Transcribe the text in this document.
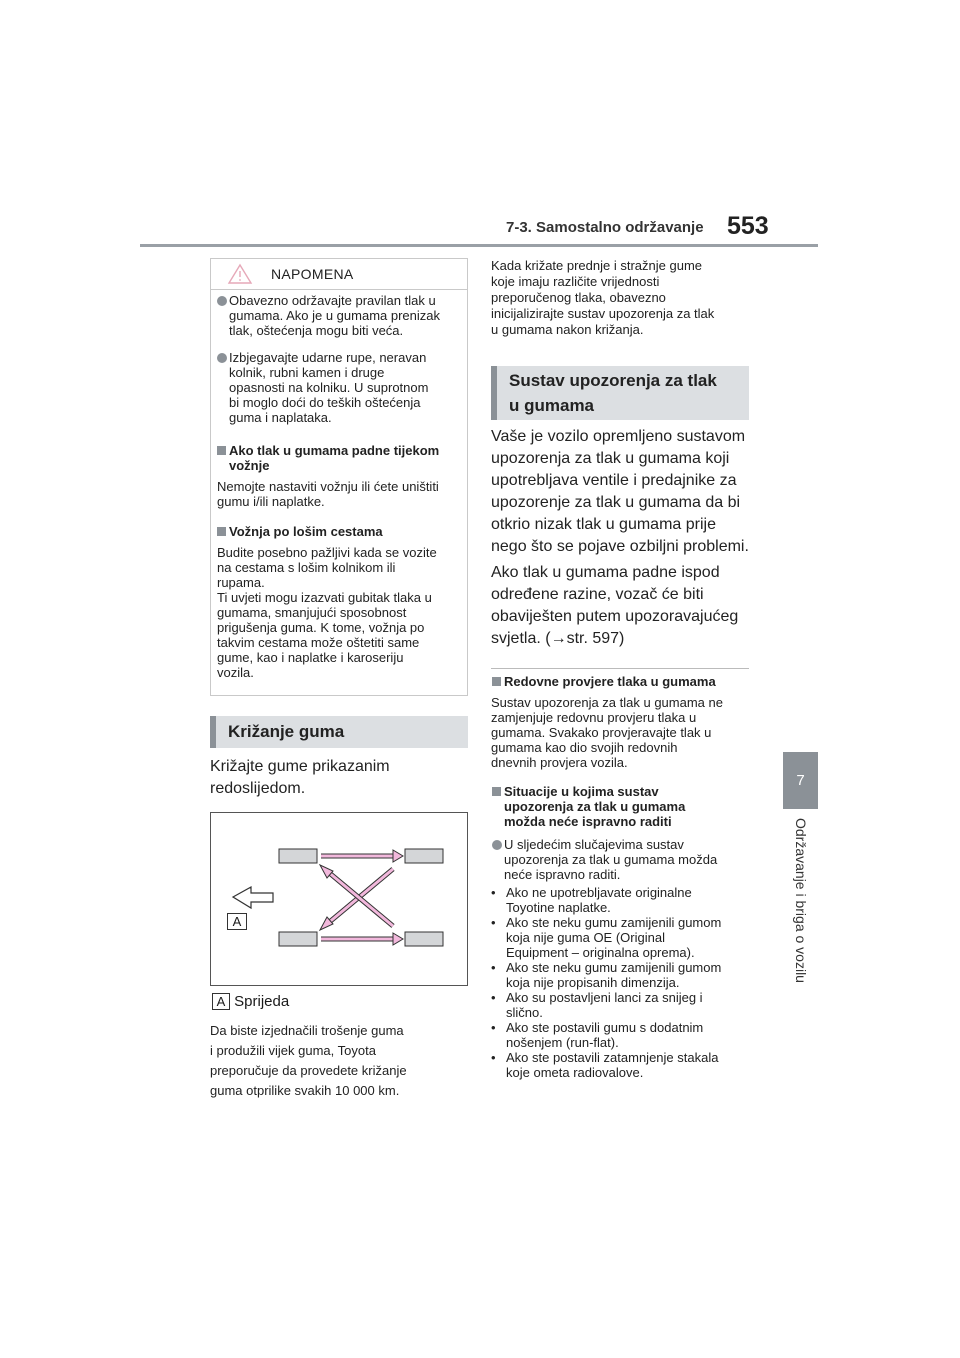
7-3. Samostalno održavanje 553
7
Održavanje i briga o vozilu
NAPOMENA
Obavezno održavajte pravilan tlak u
gumama. Ako je u gumama prenizak
tlak, oštećenja mogu biti veća.
Izbjegavajte udarne rupe, neravan
kolnik, rubni kamen i druge
opasnosti na kolniku. U suprotnom
bi moglo doći do teških oštećenja
guma i naplataka.
Ako tlak u gumama padne tijekom
vožnje
Nemojte nastaviti vožnju ili ćete uništiti
gumu i/ili naplatke.
Vožnja po lošim cestama
Budite posebno pažljivi kada se vozite
na cestama s lošim kolnikom ili
rupama.
Ti uvjeti mogu izazvati gubitak tlaka u
gumama, smanjujući sposobnost
prigušenja guma. K tome, vožnja po
takvim cestama može oštetiti same
gume, kao i naplatke i karoseriju
vozila.
Križanje guma
Križajte gume prikazanim
redoslijedom.
A
A Sprijeda
Da biste izjednačili trošenje guma
i produžili vijek guma, Toyota
preporučuje da provedete križanje
guma otprilike svakih 10 000 km.
Kada križate prednje i stražnje gume
koje imaju različite vrijednosti
preporučenog tlaka, obavezno
inicijalizirajte sustav upozorenja za tlak
u gumama nakon križanja.
Sustav upozorenja za tlak
u gumama
Vaše je vozilo opremljeno sustavom
upozorenja za tlak u gumama koji
upotrebljava ventile i predajnike za
upozorenje za tlak u gumama da bi
otkrio nizak tlak u gumama prije
nego što se pojave ozbiljni problemi.
Ako tlak u gumama padne ispod
određene razine, vozač će biti
obaviješten putem upozoravajućeg
svjetla. (→str. 597)
Redovne provjere tlaka u gumama
Sustav upozorenja za tlak u gumama ne
zamjenjuje redovnu provjeru tlaka u
gumama. Svakako provjeravajte tlak u
gumama kao dio svojih redovnih
dnevnih provjera vozila.
Situacije u kojima sustav
upozorenja za tlak u gumama
možda neće ispravno raditi
U sljedećim slučajevima sustav
upozorenja za tlak u gumama možda
neće ispravno raditi.
• Ako ne upotrebljavate originalne
Toyotine naplatke.
• Ako ste neku gumu zamijenili gumom
koja nije guma OE (Original
Equipment – originalna oprema).
• Ako ste neku gumu zamijenili gumom
koja nije propisanih dimenzija.
• Ako su postavljeni lanci za snijeg i
slično.
• Ako ste postavili gumu s dodatnim
nošenjem (run-flat).
• Ako ste postavili zatamnjenje stakala
koje ometa radiovalove.
